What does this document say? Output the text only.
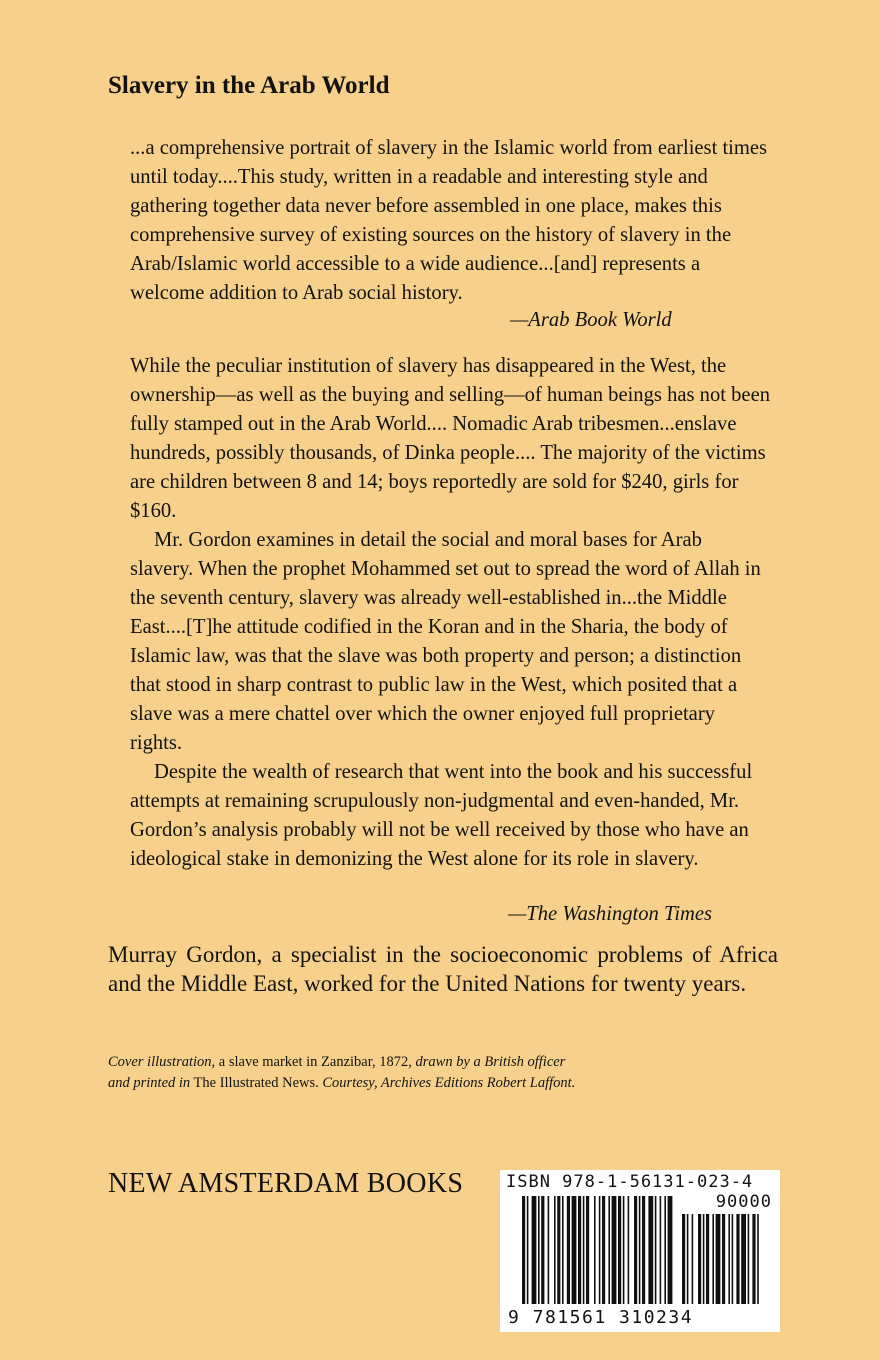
Slavery in the Arab World

...a comprehensive portrait of slavery in the Islamic world from earliest times until today....This study, written in a readable and interesting style and gathering together data never before assembled in one place, makes this comprehensive survey of existing sources on the history of slavery in the Arab/Islamic world accessible to a wide audience...[and] represents a welcome addition to Arab social history.

—Arab Book World

While the peculiar institution of slavery has disappeared in the West, the ownership—as well as the buying and selling—of human beings has not been fully stamped out in the Arab World.... Nomadic Arab tribesmen...enslave hundreds, possibly thousands, of Dinka people.... The majority of the victims are children between 8 and 14; boys reportedly are sold for $240, girls for $160.

Mr. Gordon examines in detail the social and moral bases for Arab slavery. When the prophet Mohammed set out to spread the word of Allah in the seventh century, slavery was already well-established in...the Middle East....[T]he attitude codified in the Koran and in the Sharia, the body of Islamic law, was that the slave was both property and person; a distinction that stood in sharp contrast to public law in the West, which posited that a slave was a mere chattel over which the owner enjoyed full proprietary rights.

Despite the wealth of research that went into the book and his successful attempts at remaining scrupulously non-judgmental and even-handed, Mr. Gordon’s analysis probably will not be well received by those who have an ideological stake in demonizing the West alone for its role in slavery.

—The Washington Times

Murray Gordon, a specialist in the socioeconomic problems of Africa and the Middle East, worked for the United Nations for twenty years.

Cover illustration, a slave market in Zanzibar, 1872, drawn by a British officer and printed in The Illustrated News. Courtesy, Archives Editions Robert Laffont.

NEW AMSTERDAM BOOKS	ISBN 978-1-56131-023-4
90000
9 781561 310234
